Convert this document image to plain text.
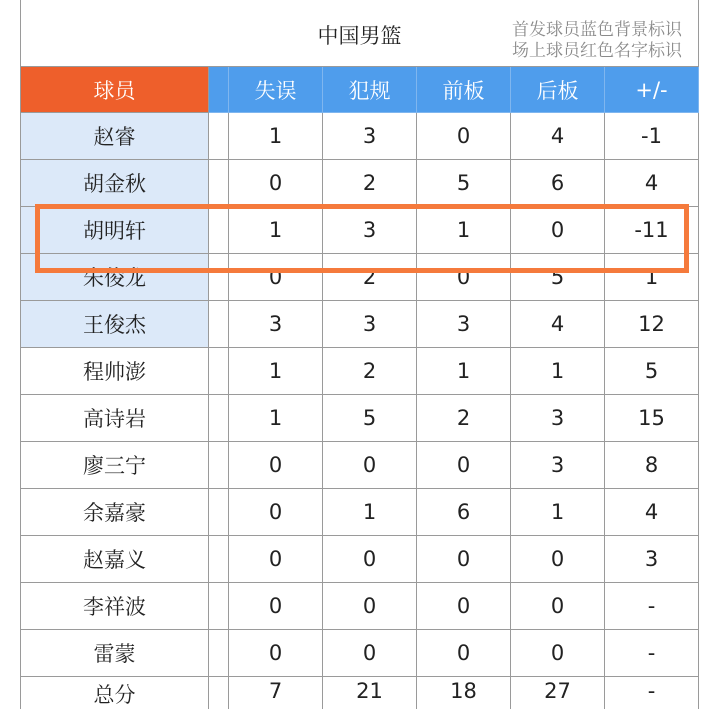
中国男篮 首发球员蓝色背景标识
场上球员红色名字标识						

球员		失误	犯规	前板	后板	+/-
赵睿		1	3	0	4	-1
胡金秋		0	2	5	6	4
胡明轩		1	3	1	0	-11
朱俊龙		0	2	0	5	1
王俊杰		3	3	3	4	12
程帅澎		1	2	1	1	5
高诗岩		1	5	2	3	15
廖三宁		0	0	0	3	8
余嘉豪		0	1	6	1	4
赵嘉义		0	0	0	0	3
李祥波		0	0	0	0	-
雷蒙		0	0	0	0	-
总分		7	21	18	27	-
